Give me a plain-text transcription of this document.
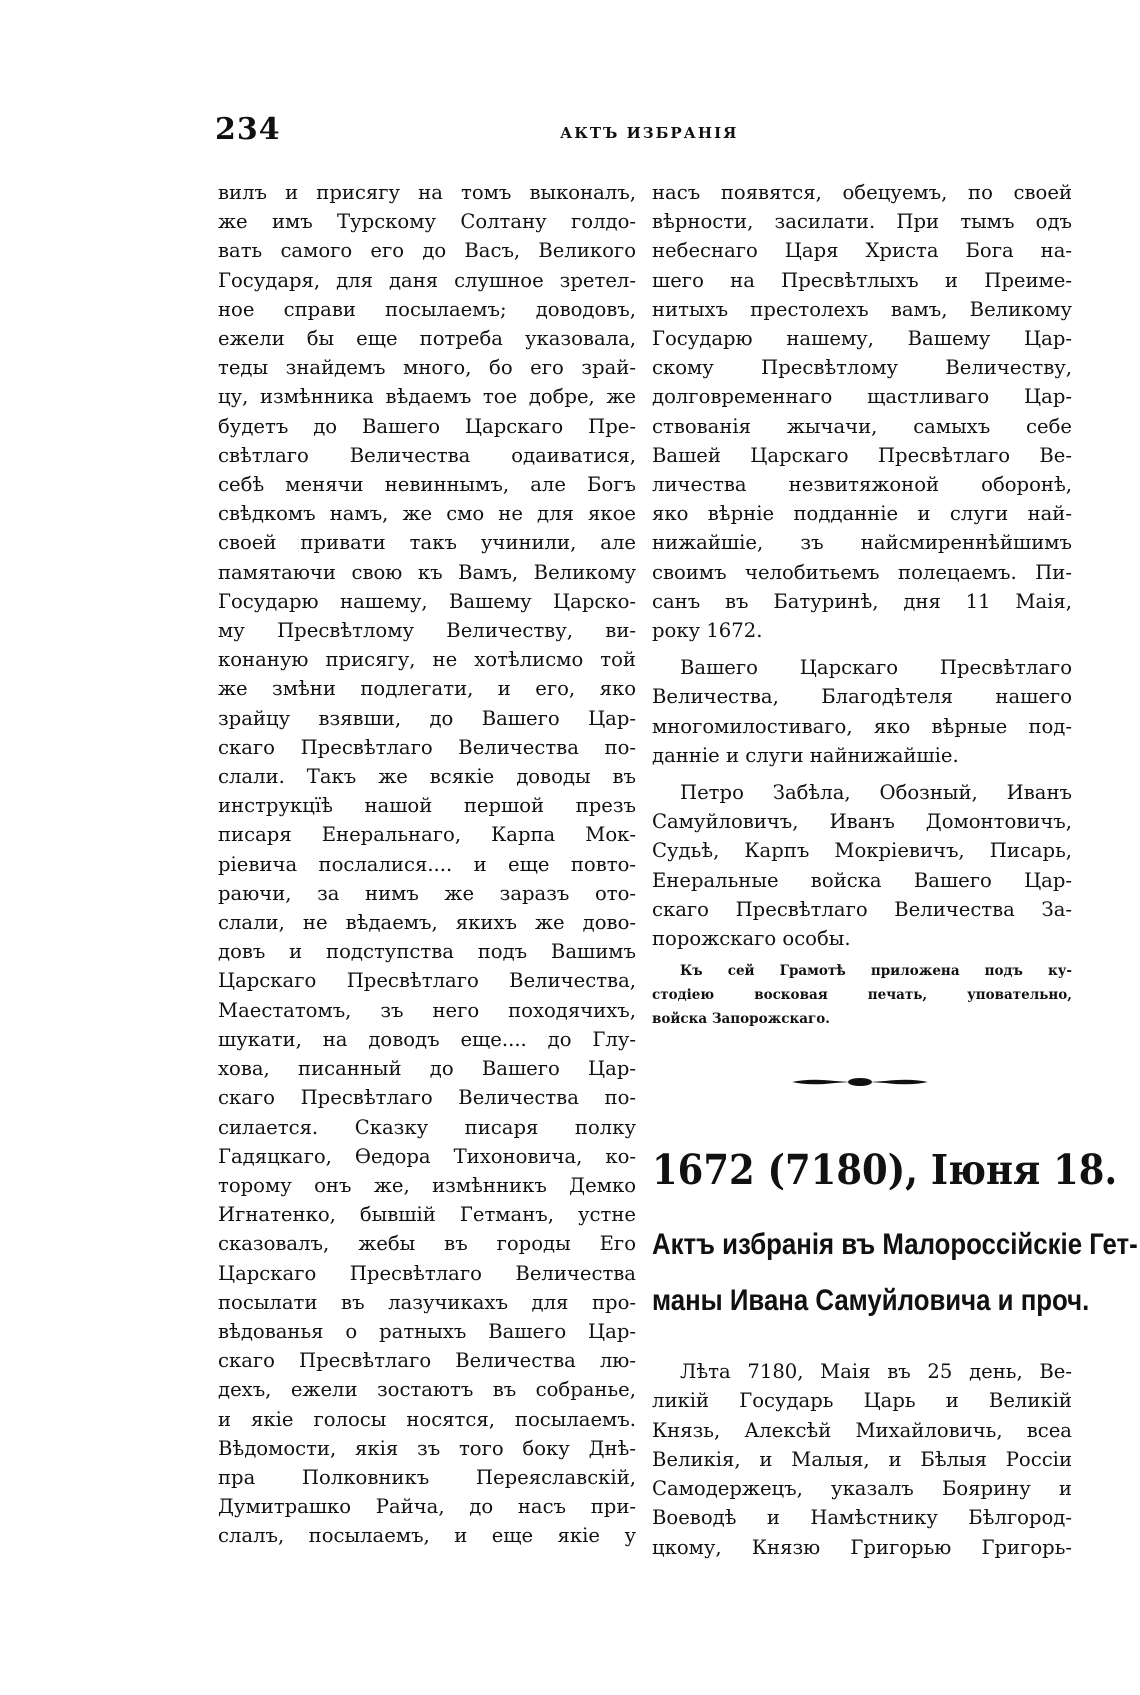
234	АКТЪ ИЗБРАНІЯ
вилъ и присягу на томъ выконалъ,
же имъ Турскому Солтану голдо-
вать самого его до Васъ, Великого
Государя, для даня слушное зретел-
ное справи посылаемъ; доводовъ,
ежели бы еще потреба указовала,
теды знайдемъ много, бо его зрай-
цу, измѣнника вѣдаемъ тое добре, же
будетъ до Вашего Царскаго Пре-
свѣтлаго Величества одаиватися,
себѣ менячи невиннымъ, але Богъ
свѣдкомъ намъ, же смо не для якое
своей привати такъ учинили, але
памятаючи свою къ Вамъ, Великому
Государю нашему, Вашему Царско-
му Пресвѣтлому Величеству, ви-
конаную присягу, не хотѣлисмо той
же змѣни подлегати, и его, яко
зрайцу взявши, до Вашего Цар-
скаго Пресвѣтлаго Величества по-
слали. Такъ же всякіе доводы въ
инструкцїѣ нашой першой презъ
писаря Енеральнаго, Карпа Мок-
ріевича послалися.... и еще повто-
раючи, за нимъ же заразъ ото-
слали, не вѣдаемъ, якихъ же дово-
довъ и подступства подъ Вашимъ
Царскаго Пресвѣтлаго Величества,
Маестатомъ, зъ него походячихъ,
шукати, на доводъ еще.... до Глу-
хова, писанный до Вашего Цар-
скаго Пресвѣтлаго Величества по-
силается. Сказку писаря полку
Гадяцкаго, Ѳедора Тихоновича, ко-
торому онъ же, измѣнникъ Демко
Игнатенко, бывшій Гетманъ, устне
сказовалъ, жебы въ городы Его
Царскаго Пресвѣтлаго Величества
посылати въ лазучикахъ для про-
вѣдованья о ратныхъ Вашего Цар-
скаго Пресвѣтлаго Величества лю-
дехъ, ежели зостаютъ въ собранье,
и якіе голосы носятся, посылаемъ.
Вѣдомости, якія зъ того боку Днѣ-
пра Полковникъ Переяславскій,
Думитрашко Райча, до насъ при-
слалъ, посылаемъ, и еще якіе у
насъ появятся, обецуемъ, по своей
вѣрности, засилати. При тымъ одъ
небеснаго Царя Христа Бога на-
шего на Пресвѣтлыхъ и Преиме-
нитыхъ престолехъ вамъ, Великому
Государю нашему, Вашему Цар-
скому Пресвѣтлому Величеству,
долговременнаго щастливаго Цар-
ствованія жычачи, самыхъ себе
Вашей Царскаго Пресвѣтлаго Ве-
личества незвитяжоной оборонѣ,
яко вѣрніе подданніе и слуги най-
нижайшіе, зъ найсмиреннѣйшимъ
своимъ челобитьемъ полецаемъ. Пи-
санъ въ Батуринѣ, дня 11 Маія,
року 1672.
Вашего Царскаго Пресвѣтлаго
Величества, Благодѣтеля нашего
многомилостиваго, яко вѣрные под-
данніе и слуги найнижайшіе.
Петро Забѣла, Обозный, Иванъ
Самуйловичъ, Иванъ Домонтовичъ,
Судьѣ, Карпъ Мокріевичъ, Писарь,
Енеральные войска Вашего Цар-
скаго Пресвѣтлаго Величества За-
порожскаго особы.
Къ сей Грамотѣ приложена подъ ку-
стодіею восковая печать, уповательно,
войска Запорожскаго.
1672 (7180), Іюня 18.
Актъ избранія въ Малороссійскіе Гет-
маны Ивана Самуйловича и проч.
Лѣта 7180, Маія въ 25 день, Ве-
ликій Государь Царь и Великій
Князь, Алексѣй Михайловичь, всеа
Великія, и Малыя, и Бѣлыя Россіи
Самодержецъ, указалъ Боярину и
Воеводѣ и Намѣстнику Бѣлгород-
цкому, Князю Григорью Григорь-
